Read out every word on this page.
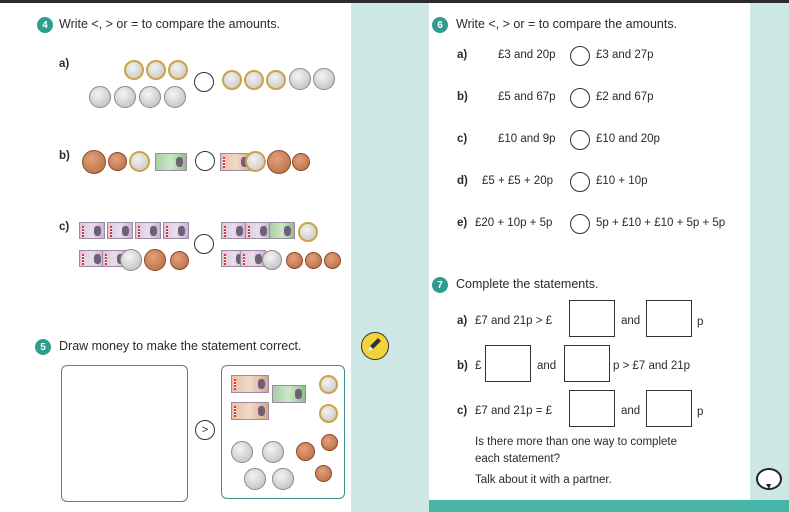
4 Write <, > or = to compare the amounts.
a)
b)
c)
5	Draw money to make the statement correct.
>
6	Write <, > or = to compare the amounts.
a)	£3 and 20p	£3 and 27p
b)	£5 and 67p	£2 and 67p
c)	£10 and 9p	£10 and 20p
d) £5 + £5 + 20p	£10 + 10p
e) £20 + 10p + 5p	5p + £10 + £10 + 5p + 5p
7	Complete the statements.
a) £7 and 21p > £	and	p
b) £	and	p > £7 and 21p
c) £7 and 21p = £	and	p
Is there more than one way to complete
each statement?
Talk about it with a partner.
